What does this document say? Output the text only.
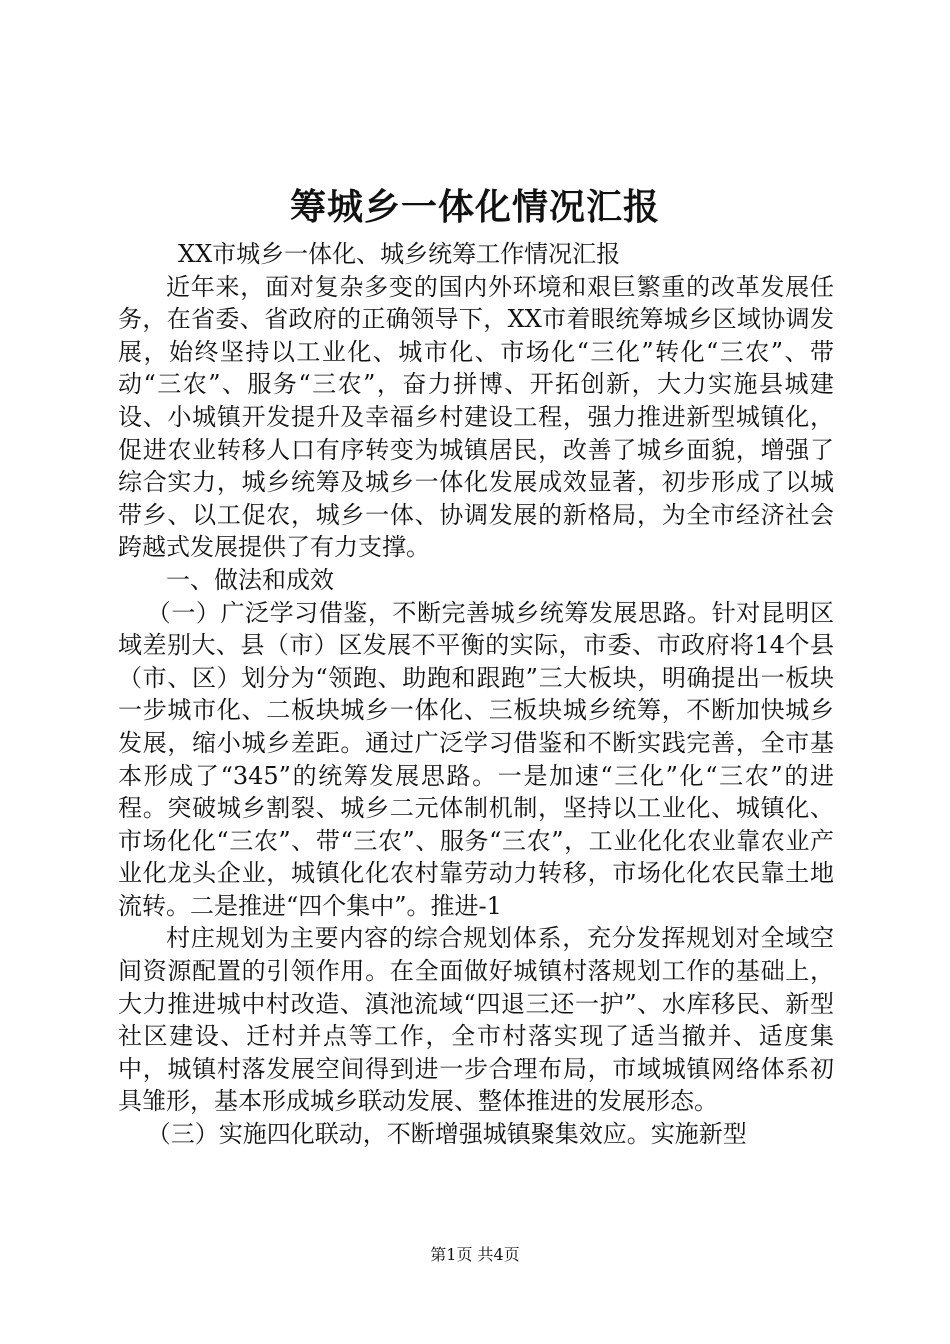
筹城乡一体化情况汇报

XX市城乡一体化、城乡统筹工作情况汇报

近年来，面对复杂多变的国内外环境和艰巨繁重的改革发展任务，在省委、省政府的正确领导下，XX市着眼统筹城乡区域协调发展，始终坚持以工业化、城市化、市场化“三化”转化“三农”、带动“三农”、服务“三农”，奋力拼博、开拓创新，大力实施县城建设、小城镇开发提升及幸福乡村建设工程，强力推进新型城镇化，促进农业转移人口有序转变为城镇居民，改善了城乡面貌，增强了综合实力，城乡统筹及城乡一体化发展成效显著，初步形成了以城带乡、以工促农，城乡一体、协调发展的新格局，为全市经济社会跨越式发展提供了有力支撑。

一、做法和成效

（一）广泛学习借鉴，不断完善城乡统筹发展思路。针对昆明区域差别大、县（市）区发展不平衡的实际，市委、市政府将14个县（市、区）划分为“领跑、助跑和跟跑”三大板块，明确提出一板块一步城市化、二板块城乡一体化、三板块城乡统筹，不断加快城乡发展，缩小城乡差距。通过广泛学习借鉴和不断实践完善，全市基本形成了“345”的统筹发展思路。一是加速“三化”化“三农”的进程。突破城乡割裂、城乡二元体制机制，坚持以工业化、城镇化、市场化化“三农”、带“三农”、服务“三农”，工业化化农业靠农业产业化龙头企业，城镇化化农村靠劳动力转移，市场化化农民靠土地流转。二是推进“四个集中”。推进-1

村庄规划为主要内容的综合规划体系，充分发挥规划对全域空间资源配置的引领作用。在全面做好城镇村落规划工作的基础上，大力推进城中村改造、滇池流域“四退三还一护”、水库移民、新型社区建设、迁村并点等工作，全市村落实现了适当撤并、适度集中，城镇村落发展空间得到进一步合理布局，市域城镇网络体系初具雏形，基本形成城乡联动发展、整体推进的发展形态。

（三）实施四化联动，不断增强城镇聚集效应。实施新型

第1页 共4页
